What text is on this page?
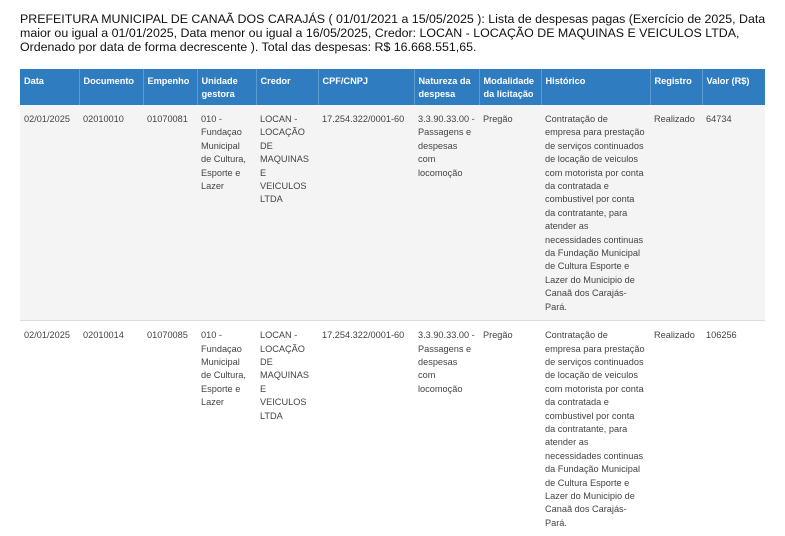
PREFEITURA MUNICIPAL DE CANAÃ DOS CARAJÁS ( 01/01/2021 a 15/05/2025 ): Lista de despesas pagas (Exercício de 2025, Data maior ou igual a 01/01/2025, Data menor ou igual a 16/05/2025, Credor: LOCAN - LOCAÇÃO DE MAQUINAS E VEICULOS LTDA, Ordenado por data de forma decrescente ). Total das despesas: R$ 16.668.551,65.
Data	Documento	Empenho	Unidade gestora	Credor	CPF/CNPJ	Natureza da despesa	Modalidade da licitação	Histórico	Registro	Valor (R$)
02/01/2025	02010010	01070081	010 - Fundaçao Municipal de Cultura, Esporte e Lazer	LOCAN - LOCAÇÃO DE MAQUINAS E VEICULOS LTDA	17.254.322/0001-60	3.3.90.33.00 - Passagens e despesas com locomoção	Pregão	Contratação de empresa para prestação de serviços continuados de locação de veiculos com motorista por conta da contratada e combustivel por conta da contratante, para atender as necessidades continuas da Fundação Municipal de Cultura Esporte e Lazer do Municipio de Canaã dos Carajás-Pará.	Realizado	64734
02/01/2025	02010014	01070085	010 - Fundaçao Municipal de Cultura, Esporte e Lazer	LOCAN - LOCAÇÃO DE MAQUINAS E VEICULOS LTDA	17.254.322/0001-60	3.3.90.33.00 - Passagens e despesas com locomoção	Pregão	Contratação de empresa para prestação de serviços continuados de locação de veiculos com motorista por conta da contratada e combustivel por conta da contratante, para atender as necessidades continuas da Fundação Municipal de Cultura Esporte e Lazer do Municipio de Canaã dos Carajás-Pará.	Realizado	106256
